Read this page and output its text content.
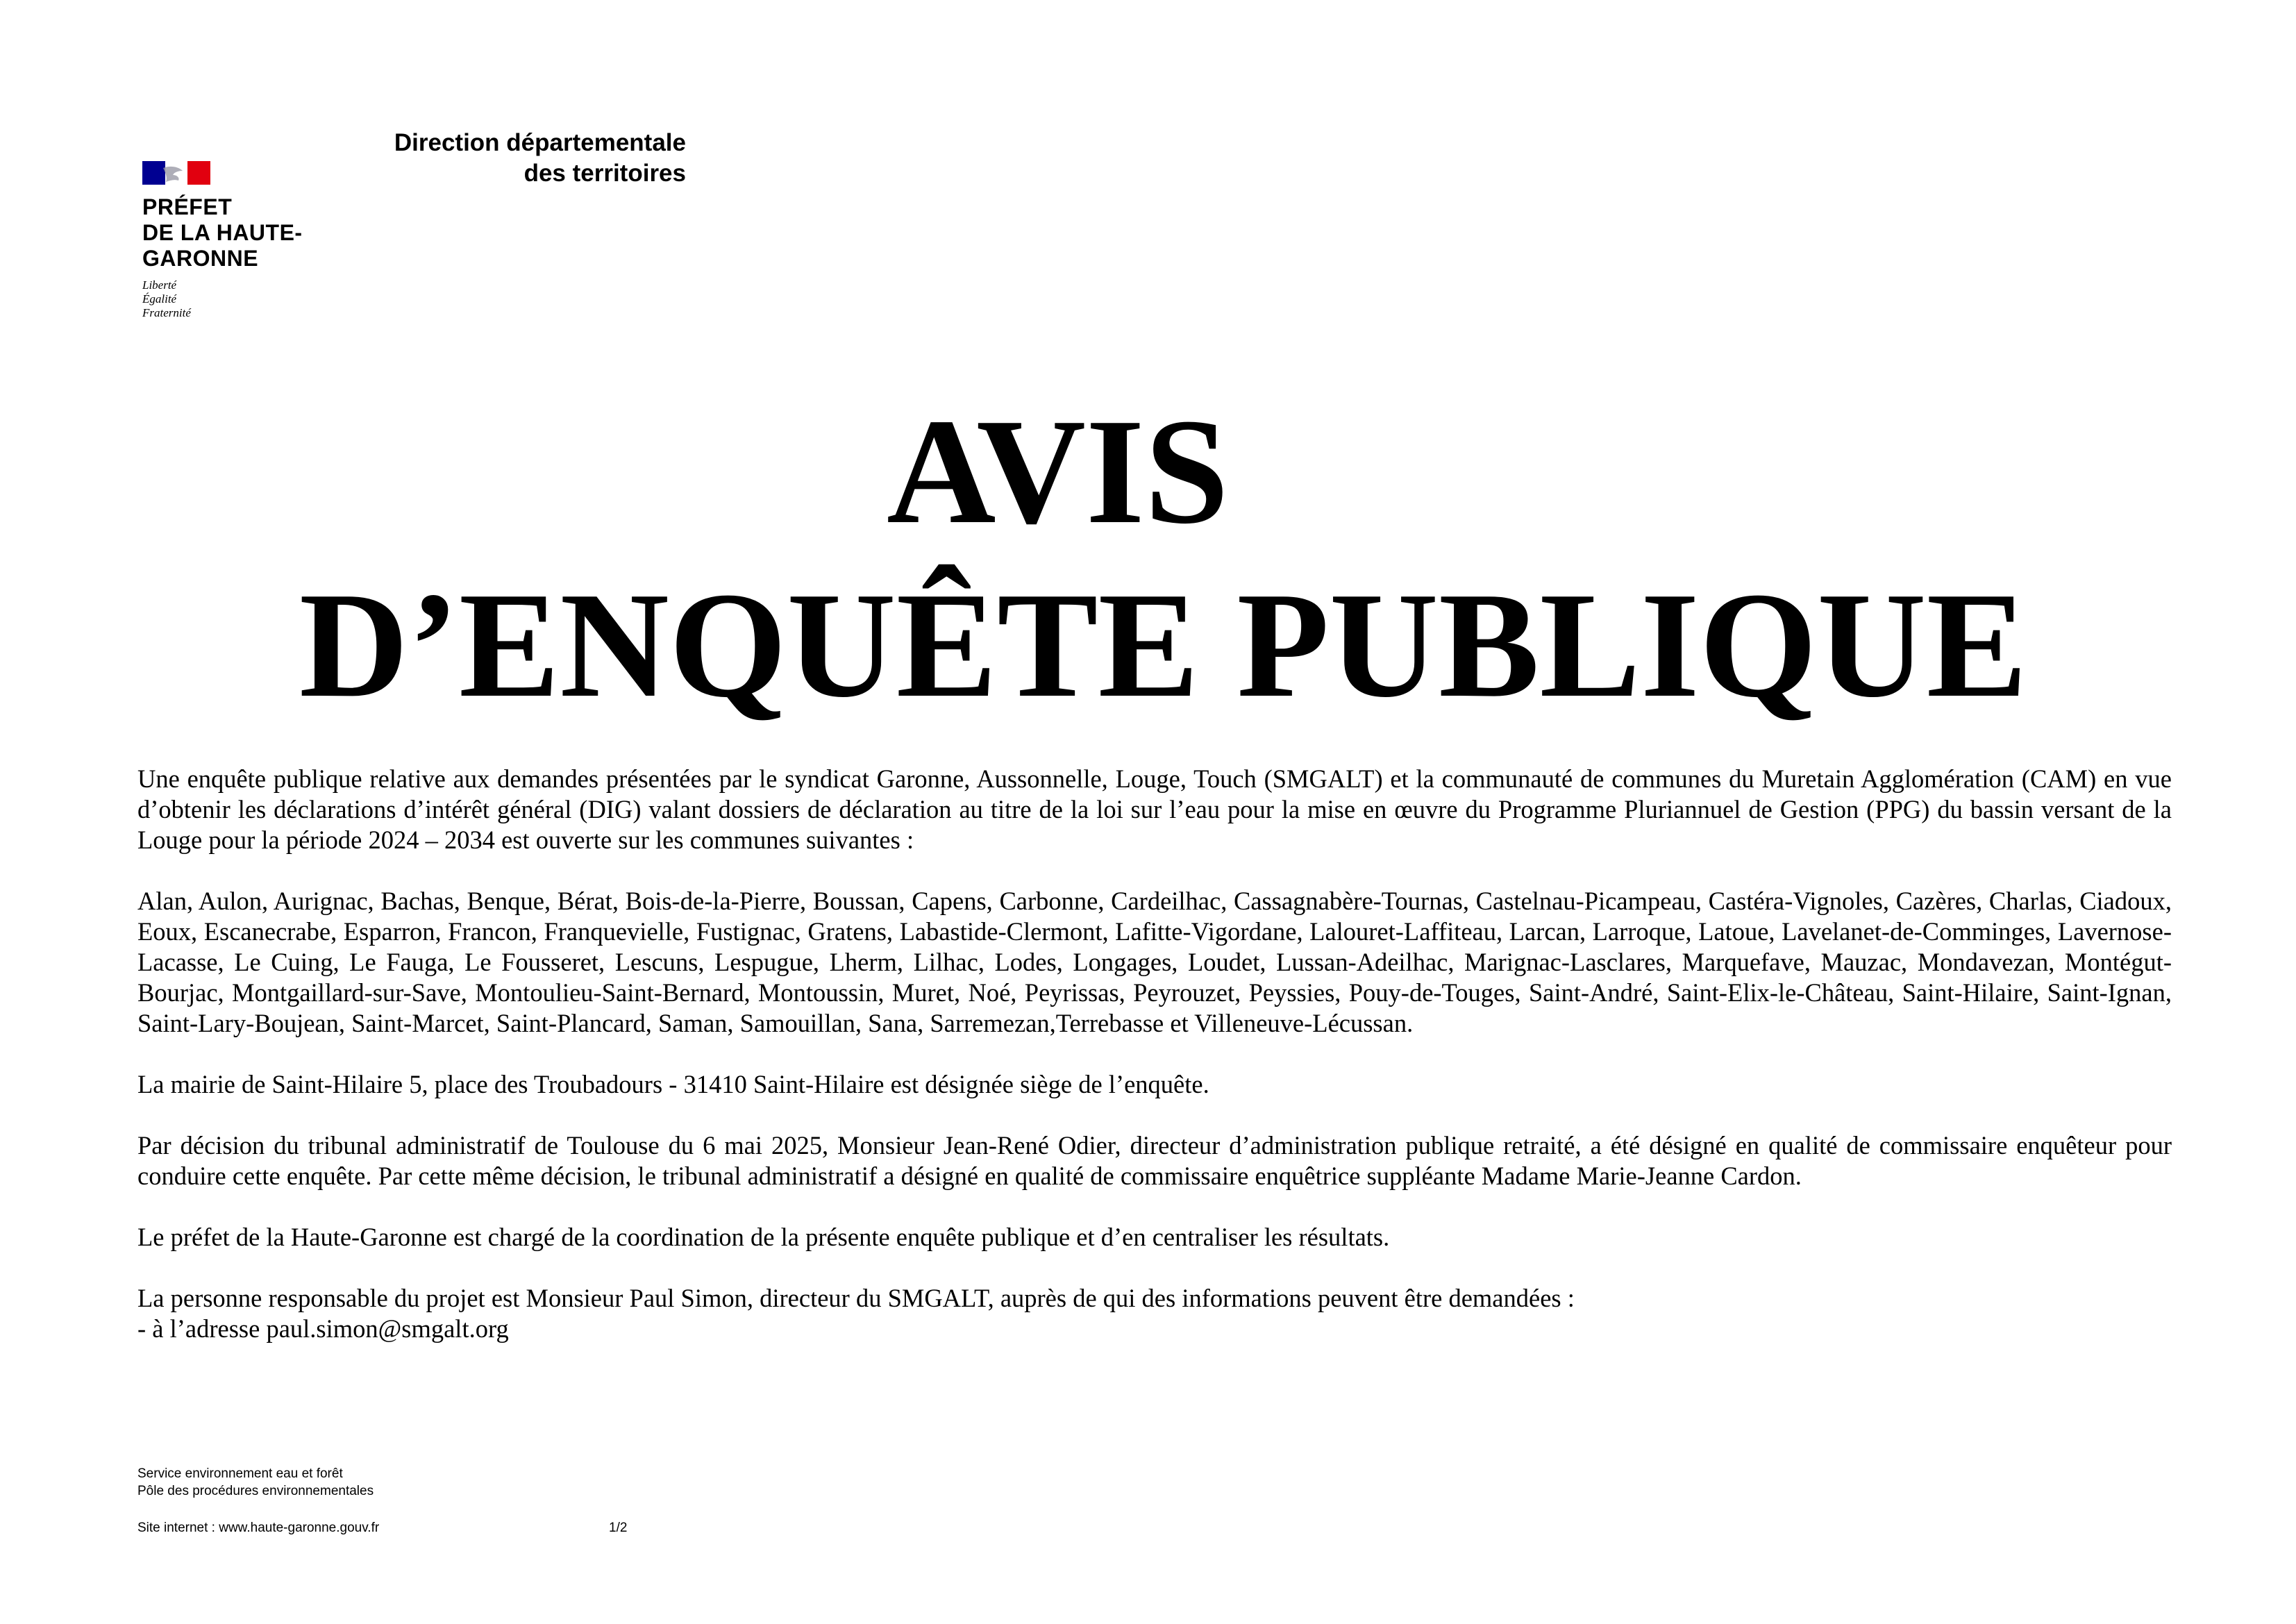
PRÉFET
DE LA HAUTE-
GARONNE
Liberté
Égalité
Fraternité
Direction départementale
des territoires
AVIS
D’ENQUÊTE PUBLIQUE

Une enquête publique relative aux demandes présentées par le syndicat Garonne, Aussonnelle, Louge, Touch (SMGALT) et la communauté de communes du Muretain Agglomération (CAM) en vue d’obtenir les déclarations d’intérêt général (DIG) valant dossiers de déclaration au titre de la loi sur l’eau pour la mise en œuvre du Programme Pluriannuel de Gestion (PPG) du bassin versant de la Louge pour la période 2024 – 2034 est ouverte sur les communes suivantes :

Alan, Aulon, Aurignac, Bachas, Benque, Bérat, Bois-de-la-Pierre, Boussan, Capens, Carbonne, Cardeilhac, Cassagnabère-Tournas, Castelnau-Picampeau, Castéra-Vignoles, Cazères, Charlas, Ciadoux, Eoux, Escanecrabe, Esparron, Francon, Franquevielle, Fustignac, Gratens, Labastide-Clermont, Lafitte-Vigordane, Lalouret-Laffiteau, Larcan, Larroque, Latoue, Lavelanet-de-Comminges, Lavernose-Lacasse, Le Cuing, Le Fauga, Le Fousseret, Lescuns, Lespugue, Lherm, Lilhac, Lodes, Longages, Loudet, Lussan-Adeilhac, Marignac-Lasclares, Marquefave, Mauzac, Mondavezan, Montégut-Bourjac, Montgaillard-sur-Save, Montoulieu-Saint-Bernard, Montoussin, Muret, Noé, Peyrissas, Peyrouzet, Peyssies, Pouy-de-Touges, Saint-André, Saint-Elix-le-Château, Saint-Hilaire, Saint-Ignan, Saint-Lary-Boujean, Saint-Marcet, Saint-Plancard, Saman, Samouillan, Sana, Sarremezan,Terrebasse et Villeneuve-Lécussan.

La mairie de Saint-Hilaire 5, place des Troubadours - 31410 Saint-Hilaire est désignée siège de l’enquête.

Par décision du tribunal administratif de Toulouse du 6 mai 2025, Monsieur Jean-René Odier, directeur d’administration publique retraité, a été désigné en qualité de commissaire enquêteur pour conduire cette enquête. Par cette même décision, le tribunal administratif a désigné en qualité de commissaire enquêtrice suppléante Madame Marie-Jeanne Cardon.

Le préfet de la Haute-Garonne est chargé de la coordination de la présente enquête publique et d’en centraliser les résultats.

La personne responsable du projet est Monsieur Paul Simon, directeur du SMGALT, auprès de qui des informations peuvent être demandées :

- à l’adresse paul.simon@smgalt.org

Service environnement eau et forêt
Pôle des procédures environnementales
Site internet : www.haute-garonne.gouv.fr	1/2
